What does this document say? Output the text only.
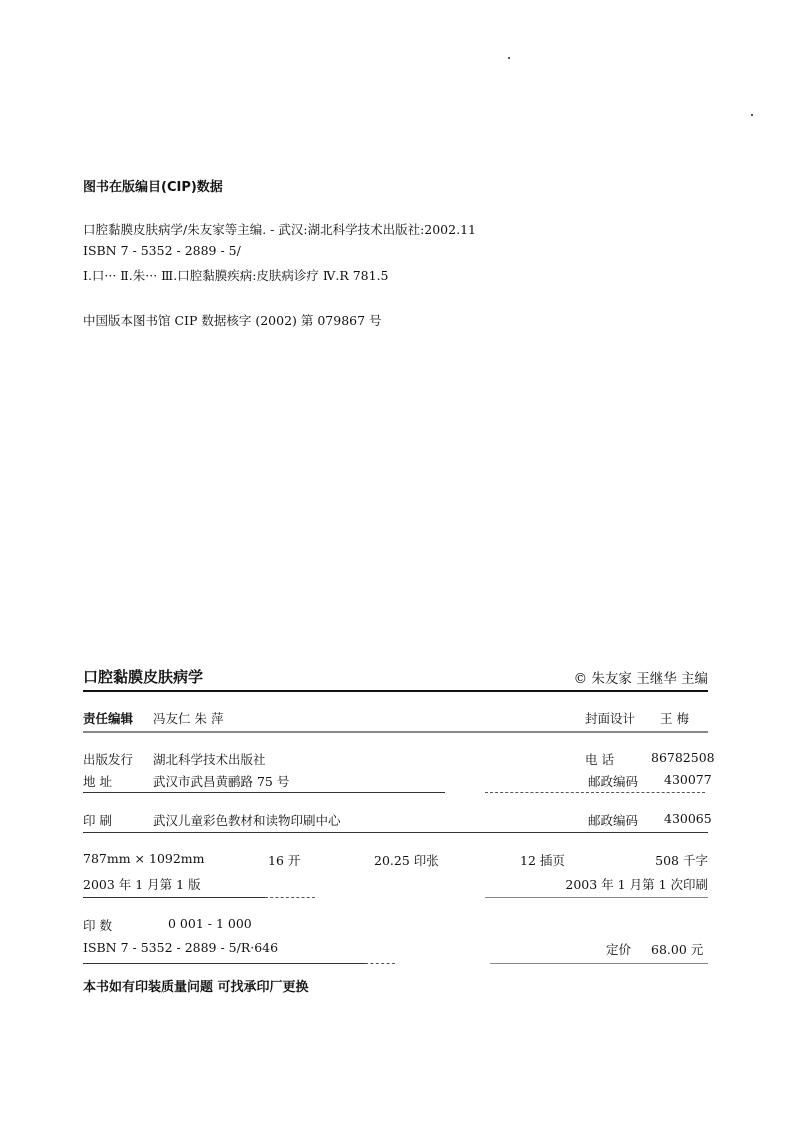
图书在版编目(CIP)数据
口腔黏膜皮肤病学/朱友家等主编. - 武汉:湖北科学技术出版社:2002.11
ISBN 7 - 5352 - 2889 - 5/
Ⅰ.口··· Ⅱ.朱··· Ⅲ.口腔黏膜疾病:皮肤病诊疗 Ⅳ.R 781.5
中国版本图书馆 CIP 数据核字 (2002) 第 079867 号
口腔黏膜皮肤病学	© 朱友家 王继华 主编
责任编辑 冯友仁 朱 萍	封面设计 王 梅
出版发行 湖北科学技术出版社	电 话	86782508
地 址	武汉市武昌黄鹂路 75 号	邮政编码 430077
印 刷	武汉儿童彩色教材和读物印刷中心	邮政编码 430065
787mm × 1092mm	16 开	20.25 印张	12 插页	508 千字
2003 年 1 月第 1 版	2003 年 1 月第 1 次印刷
印 数	0 001 - 1 000
ISBN 7 - 5352 - 2889 - 5/R·646	定价 68.00 元
本书如有印装质量问题 可找承印厂更换
